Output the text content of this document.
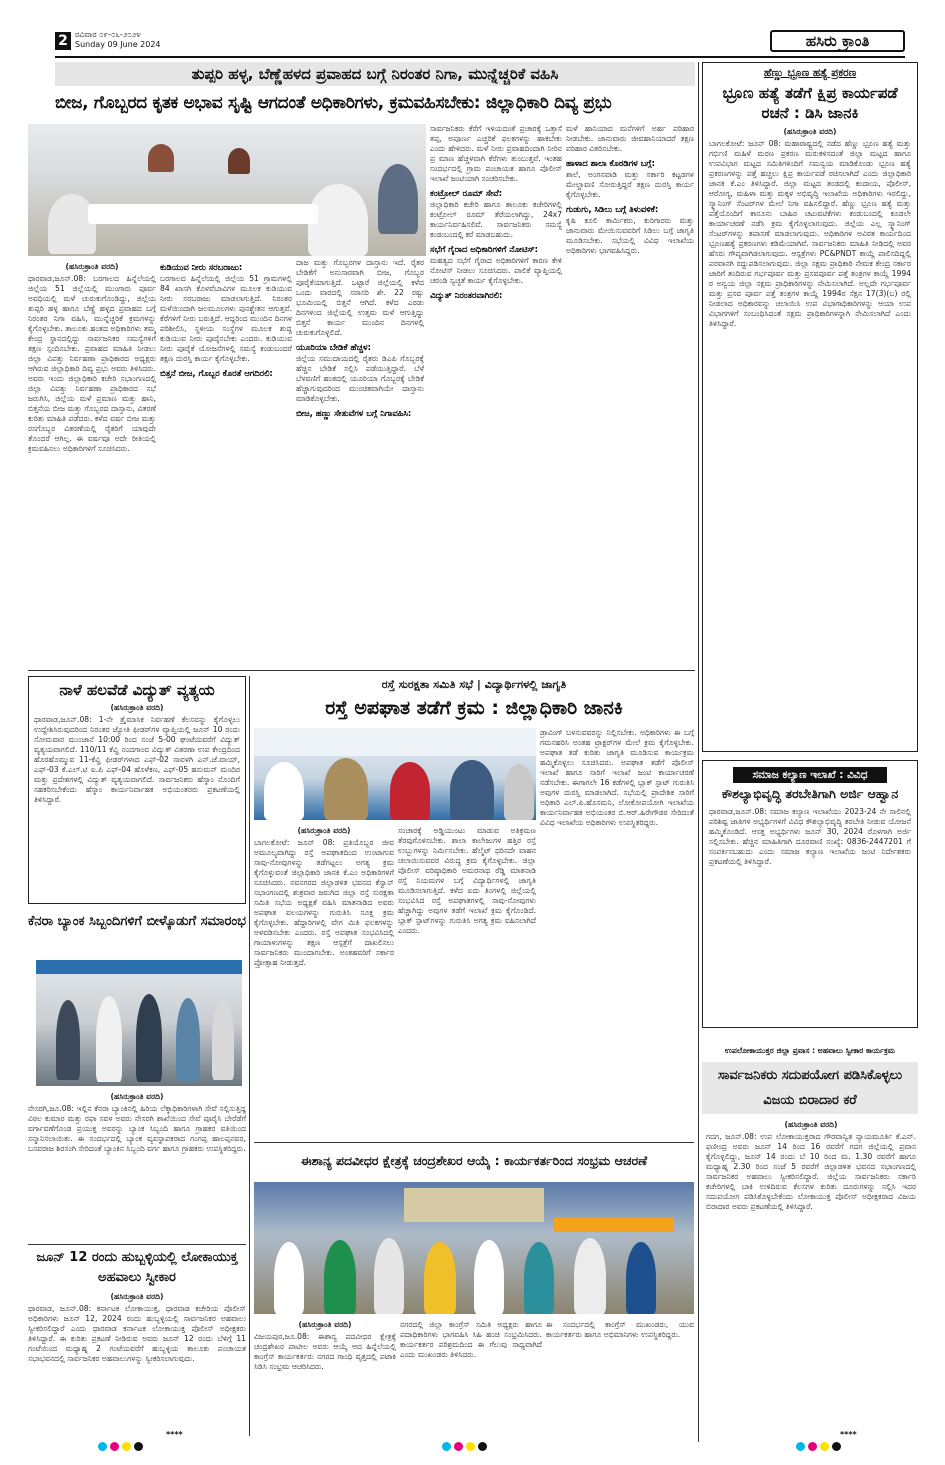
2 ರವಿವಾರ ೦೯-೦೬-೨೦೨೪
Sunday 09 June 2024	ಹಸಿರು ಕ್ರಾಂತಿ
ತುಪ್ಪರಿ ಹಳ್ಳ, ಬೆಣ್ಣೆಹಳದ ಪ್ರವಾಹದ ಬಗ್ಗೆ ನಿರಂತರ ನಿಗಾ, ಮುನ್ನೆಚ್ಚರಿಕೆ ವಹಿಸಿ
ಬೀಜ, ಗೊಬ್ಬರದ ಕೃತಕ ಅಭಾವ ಸೃಷ್ಟಿ ಆಗದಂತೆ ಅಧಿಕಾರಿಗಳು, ಕ್ರಮವಹಿಸಬೇಕು: ಜಿಲ್ಲಾಧಿಕಾರಿ ದಿವ್ಯ ಪ್ರಭು
(ಹಸಿರುಕ್ರಾಂತಿ ವರದಿ)

ಧಾರವಾಡ,ಜೂನ್.08: ಬರಗಾಲದ ಹಿನ್ನೆಲೆಯಲ್ಲಿ ಜಿಲ್ಲೆಯ 51 ಜಿಲ್ಲೆಯಲ್ಲಿ ಮುಂಗಾರು ಪೂರ್ವ ಅವಧಿಯಲ್ಲಿ ಮಳೆ ಚುರುಕುಗೊಂಡಿದ್ದು, ಜಿಲ್ಲೆಯ ತುಪ್ಪರಿ ಹಳ್ಳ ಹಾಗೂ ಬೆಣ್ಣೆ ಹಳ್ಳದ ಪ್ರವಾಹದ ಬಗ್ಗೆ ನಿರಂತರ ನಿಗಾ ವಹಿಸಿ, ಮುನ್ನೆಚ್ಚರಿಕೆ ಕ್ರಮಗಳನ್ನು ಕೈಗೊಳ್ಳಬೇಕು. ತಾಲೂಕು ಹಂತದ ಅಧಿಕಾರಿಗಳು ತಮ್ಮ ಕೇಂದ್ರ ಸ್ಥಾನದಲ್ಲಿದ್ದು ಸಾರ್ವಜನಿಕರ ಸಮಸ್ಯೆಗಳಿಗೆ ತಕ್ಷಣ ಸ್ಪಂದಿಸಬೇಕು. ಪ್ರವಾಹದ ಮಾಹಿತಿ ನೀಡಲು ಜಿಲ್ಲಾ ವಿಪತ್ತು ನಿರ್ವಹಣಾ ಪ್ರಾಧಿಕಾರದ ಅಧ್ಯಕ್ಷರು ಆಗಿರುವ ಜಿಲ್ಲಾಧಿಕಾರಿ ದಿವ್ಯ ಪ್ರಭು ಅವರು ತಿಳಿಸಿದರು. ಅವರು ಇಂದು ಜಿಲ್ಲಾಧಿಕಾರಿ ಕಚೇರಿ ಸಭಾಂಗಣದಲ್ಲಿ ಜಿಲ್ಲಾ ವಿಪತ್ತು ನಿರ್ವಹಣಾ ಪ್ರಾಧಿಕಾರದ ಸಭೆ ಜರುಗಿಸಿ, ಜಿಲ್ಲೆಯ ಮಳೆ ಪ್ರಮಾಣ ಮತ್ತು ಹಾನಿ, ಬಿತ್ತನೆಯ ಬೀಜ ಮತ್ತು ಗೊಬ್ಬರದ ದಾಸ್ತಾನು, ವಿತರಣೆ ಕುರಿತು ಮಾಹಿತಿ ಪಡೆದರು. ಕಳೆದ ವರ್ಷ ಬೀಜ ಮತ್ತು ರಸಗೊಬ್ಬರ ವಿತರಣೆಯಲ್ಲಿ ರೈತರಿಗೆ ಯಾವುದೇ ತೊಂದರೆ ಆಗಿಲ್ಲ. ಈ ವರ್ಷವೂ ಅದೇ ರೀತಿಯಲ್ಲಿ ಕ್ರಮವಹಿಸಲು ಅಧಿಕಾರಿಗಳಿಗೆ ಸೂಚಿಸಿದರು.

ಕುಡಿಯುವ ನೀರು ಸರಬರಾಜು:

ಬರಗಾಲದ ಹಿನ್ನೆಲೆಯಲ್ಲಿ ಜಿಲ್ಲೆಯ 51 ಗ್ರಾಮಗಳಲ್ಲಿ 84 ಖಾಸಗಿ ಕೊಳವೆಬಾವಿಗಳ ಮೂಲಕ ಕುಡಿಯುವ ನೀರು ಸರಬರಾಜು ಮಾಡಲಾಗುತ್ತಿದೆ. ನಿರಂತರ ಮಳೆಯಿಂದಾಗಿ ಜಲಮೂಲಗಳು ಪುನಶ್ಚೇತನ ಆಗುತ್ತವೆ. ಕೆರೆಗಳಿಗೆ ನೀರು ಬರುತ್ತಿದೆ. ಆದ್ದರಿಂದ ಮುಂದಿನ ದಿನಗಳ ಪರಿಶೀಲಿಸಿ, ಸ್ಥಳೀಯ ಸಂಸ್ಥೆಗಳ ಮೂಲಕ ಶುದ್ಧ ಕುಡಿಯುವ ನೀರು ಪೂರೈಸಬೇಕು ಎಂದರು. ಕುಡಿಯುವ ನೀರು ಪೂರೈಕೆ ಯೋಜನೆಗಳಲ್ಲಿ ಸಮಸ್ಯೆ ಕಂಡುಬಂದರೆ ತಕ್ಷಣ ದುರಸ್ತಿ ಕಾರ್ಯ ಕೈಗೊಳ್ಳಬೇಕು.

ಬಿತ್ತನೆ ಬೀಜ, ಗೊಬ್ಬರ ಕೊರತೆ ಆಗದಿರಲಿ:

ದಾಜ ಮತ್ತು ಗೊಬ್ಬರಗಳ ದಾಸ್ತಾನು ಇದೆ. ರೈತರ ಬೇಡಿಕೆಗೆ ಅನುಸಾರವಾಗಿ ಬೀಜ, ಗೊಬ್ಬರ ಪೂರೈಕೆಯಾಗುತ್ತಿದೆ. ಒಟ್ಟಾರೆ ಜಿಲ್ಲೆಯಲ್ಲಿ ಕಳೆದ ಒಂದು ವಾರದಲ್ಲಿ ಸರಾಸರಿ ಶೇ. 22 ರಷ್ಟು ಭೂಮಿಯಲ್ಲಿ ಬಿತ್ತನೆ ಆಗಿದೆ. ಕಳೆದ ಎರಡು ದಿನಗಳಿಂದ ಜಿಲ್ಲೆಯಲ್ಲಿ ಉತ್ತಮ ಮಳೆ ಆಗುತ್ತಿದ್ದು ಬಿತ್ತನೆ ಕಾರ್ಯ ಮುಂದಿನ ದಿನಗಳಲ್ಲಿ ಚುರುಕುಗೊಳ್ಳಲಿದೆ.

ಯೂರಿಯಾ ಬೇಡಿಕೆ ಹೆಚ್ಚಳ:

ಜಿಲ್ಲೆಯ ಸಮುದಾಯದಲ್ಲಿ ರೈತರು ಡಿಎಪಿ ಗೊಬ್ಬರಕ್ಕೆ ಹೆಚ್ಚಿನ ಬೇಡಿಕೆ ಸಲ್ಲಿಸಿ ಪಡೆಯುತ್ತಿದ್ದಾರೆ. ಬೆಳೆ ಬೆಳವಣಿಗೆ ಹಂತದಲ್ಲಿ ಯೂರಿಯಾ ಗೊಬ್ಬರಕ್ಕೆ ಬೇಡಿಕೆ ಹೆಚ್ಚಾಗುವುದರಿಂದ ಮುಂಚಿತವಾಗಿಯೇ ದಾಸ್ತಾನು ಮಾಡಿಕೊಳ್ಳಬೇಕು.

ಬೀಜ, ಹಣ್ಣು ಸೇತುವೆಗಳ ಬಗ್ಗೆ ನಿಗಾವಹಿಸಿ:

ಸಾರ್ವಜನಿಕರು ಕೆರೆಗೆ ಇಳಿಯದಂತೆ ಪ್ರಚಾರಕ್ಕೆ ಒತ್ತಾಸೆ ತಪ್ಪ, ಅಪೂರ್ಣ ಎಚ್ಚರಿಕೆ ಫಲಕಗಳನ್ನು ಹಾಕಬೇಕು ಎಂದು ಹೇಳಿದರು. ಮಳೆ ನೀರು ಪ್ರವಾಹದಿಂದಾಗಿ ನೀರಿನ ಪ್ರ ಮಾಣ ಹೆಚ್ಚಳವಾಗಿ ಕೆರೆಗಳು ತುಂಬುತ್ತವೆ. ಇಂತಹ ಸಂದರ್ಭದಲ್ಲಿ ಗ್ರಾಮ ಪಂಚಾಯತ ಹಾಗೂ ಪೊಲೀಸ್ ಇಲಾಖೆ ಜಂಟಿಯಾಗಿ ಸಂಚರಿಸಬೇಕು.

ಕಂಟ್ರೋಲ್ ರೂಮ್ ಸೇವೆ:

ಜಿಲ್ಲಾಧಿಕಾರಿ ಕಚೇರಿ ಹಾಗೂ ತಾಲೂಕು ಕಚೇರಿಗಳಲ್ಲಿ ಕಂಟ್ರೋಲ್ ರೂಮ್ ತೆರೆಯಲಾಗಿದ್ದು, 24x7 ಕಾರ್ಯನಿರ್ವಹಿಸಲಿವೆ. ಸಾರ್ವಜನಿಕರು ಸಮಸ್ಯೆ ಕಂಡುಬಂದಲ್ಲಿ ಕರೆ ಮಾಡಬಹುದು.

ಸಭೆಗೆ ಗೈರಾದ ಅಧಿಕಾರಿಗಳಿಗೆ ನೋಟಿಸ್:

ಮಹತ್ವದ ಸಭೆಗೆ ಗೈರಾದ ಅಧಿಕಾರಿಗಳಿಗೆ ಕಾರಣ ಕೇಳಿ ನೋಟಿಸ್ ನೀಡಲು ಸೂಚಿಸಿದರು. ಪಾಲಿಕೆ ವ್ಯಾಪ್ತಿಯಲ್ಲಿ ಚರಂಡಿ ಸ್ವಚ್ಛತೆ ಕಾರ್ಯ ಕೈಗೊಳ್ಳಬೇಕು.

ವಿದ್ಯುತ್ ನಿರಂತರವಾಗಿರಲಿ:

ಮಳೆ ಹಾನಿಯಾದ ಮನೆಗಳಿಗೆ ಅರ್ಹ ಪರಿಹಾರ ನೀಡಬೇಕು. ಜಾನುವಾರು ಜೀವಹಾನಿಯಾದರೆ ತಕ್ಷಣ ಪರಿಹಾರ ವಿತರಿಸಬೇಕು.

ಹಾಳಾದ ಶಾಲಾ ಕೊಠಡಿಗಳ ಬಗ್ಗೆ:

ಶಾಲೆ, ಅಂಗನವಾಡಿ ಮತ್ತು ಸರ್ಕಾರಿ ಕಟ್ಟಡಗಳ ಮೇಲ್ಚಾವಣಿ ಸೋರುತ್ತಿದ್ದರೆ ತಕ್ಷಣ ದುರಸ್ತಿ ಕಾರ್ಯ ಕೈಗೊಳ್ಳಬೇಕು.

ಗುಡುಗು, ಸಿಡಿಲು ಬಗ್ಗೆ ತಿಳುವಳಿಕೆ:

ಕೃಷಿ ಕೂಲಿ ಕಾರ್ಮಿಕರು, ಕುರಿಗಾರರು ಮತ್ತು ಜಾನುವಾರು ಮೇಯಿಸುವವರಿಗೆ ಸಿಡಿಲು ಬಗ್ಗೆ ಜಾಗೃತಿ ಮೂಡಿಸಬೇಕು. ಸಭೆಯಲ್ಲಿ ವಿವಿಧ ಇಲಾಖೆಯ ಅಧಿಕಾರಿಗಳು ಭಾಗವಹಿಸಿದ್ದರು.

ಹೆಣ್ಣು ಭ್ರೂಣ ಹತ್ಯೆ ಪ್ರಕರಣ
ಭ್ರೂಣ ಹತ್ಯೆ ತಡೆಗೆ ಕ್ಷಿಪ್ರ ಕಾರ್ಯಪಡೆ ರಚನೆ : ಡಿಸಿ ಜಾನಕಿ
(ಹಸಿರುಕ್ರಾಂತಿ ವರದಿ)

ಬಾಗಲಕೋಟೆ: ಜೂನ್ 08: ಮಹಾರಾಷ್ಟ್ರದಲ್ಲಿ ನಡೆದ ಹೆಣ್ಣು ಭ್ರೂಣ ಹತ್ಯೆ ಮತ್ತು ಗರ್ಭಿಣಿ ಮಹಿಳೆ ಮರಣ ಪ್ರಕರಣ ಮರುಕಳಿಸದಂತೆ ಜಿಲ್ಲಾ ಮಟ್ಟದ ಹಾಗೂ ಉಪವಿಭಾಗ ಮಟ್ಟದ ಸಮಿತಿಗಳಿಂದಿಗೆ ಸಮನ್ವಯ ಮಾಡಿಕೊಂಡು ಭ್ರೂಣ ಹತ್ಯೆ ಪ್ರಕರಣಗಳನ್ನು ಪತ್ತೆ ಹಚ್ಚಲು ಕ್ಷಿಪ್ರ ಕಾರ್ಯಪಡೆ ರಚಿಸಲಾಗಿದೆ ಎಂದು ಜಿಲ್ಲಾಧಿಕಾರಿ ಜಾನಕಿ ಕೆ.ಎಂ ತಿಳಿಸಿದ್ದಾರೆ. ಜಿಲ್ಲಾ ಮಟ್ಟದ ತಂಡದಲ್ಲಿ ಕಂದಾಯ, ಪೊಲೀಸ್, ಆರೋಗ್ಯ, ಮಹಿಳಾ ಮತ್ತು ಮಕ್ಕಳ ಅಭಿವೃದ್ಧಿ ಇಲಾಖೆಯ ಅಧಿಕಾರಿಗಳು ಇರಲಿದ್ದು, ಸ್ಕ್ಯಾನಿಂಗ್ ಸೆಂಟರ್‌ಗಳ ಮೇಲೆ ನಿಗಾ ವಹಿಸಲಿದ್ದಾರೆ. ಹೆಣ್ಣು ಭ್ರೂಣ ಹತ್ಯೆ ಮತ್ತು ಪತ್ತೆಯೊಂದಿಗೆ ಕಾನೂನು ಬಾಹಿರ ಚಟುವಟಿಕೆಗಳು ಕಂಡುಬಂದಲ್ಲಿ ಕೂಡಲೇ ಕಾರ್ಯಾಚರಣೆ ನಡೆಸಿ ಕ್ರಮ ಕೈಗೊಳ್ಳಲಾಗುವುದು. ಜಿಲ್ಲೆಯ ಎಲ್ಲ ಸ್ಕ್ಯಾನಿಂಗ್ ಸೆಂಟರ್‌ಗಳನ್ನು ತಪಾಸಣೆ ಮಾಡಲಾಗುವುದು. ಅಧಿಕಾರಿಗಳ ಅವಿರತ ಕಾರ್ಯದಿಂದ ಭ್ರೂಣಹತ್ಯೆ ಪ್ರಕರಣಗಳು ಕಡಿಮೆಯಾಗಿವೆ. ಸಾರ್ವಜನಿಕರು ಮಾಹಿತಿ ನೀಡಿದಲ್ಲಿ ಅವರ ಹೆಸರು ಗೌಪ್ಯವಾಗಿಡಲಾಗುವುದು. ಆಸ್ಪತ್ರೆಗಳು PC&PNDT ಕಾಯ್ದೆ ಪಾಲಿಸದಿದ್ದಲ್ಲಿ ಪರವಾನಗಿ ರದ್ದುಪಡಿಸಲಾಗುವುದು. ಜಿಲ್ಲಾ ಸಕ್ಷಮ ಪ್ರಾಧಿಕಾರಿ ನೇಮಕ ಕೇಂದ್ರ ಸರ್ಕಾರ ಜಾರಿಗೆ ತಂದಿರುವ ಗರ್ಭಪೂರ್ವ ಮತ್ತು ಪ್ರಸವಪೂರ್ವ ಪತ್ತೆ ತಂತ್ರಗಳ ಕಾಯ್ದೆ 1994 ರ ಅನ್ವಯ ಜಿಲ್ಲಾ ಸಕ್ಷಮ ಪ್ರಾಧಿಕಾರಿಗಳನ್ನು ನೇಮಿಸಲಾಗಿದೆ. ಅಲ್ಲದೇ ಗರ್ಭಪೂರ್ವ ಮತ್ತು ಪ್ರಸವ ಪೂರ್ವ ಪತ್ತೆ ತಂತ್ರಗಳ ಕಾಯ್ದೆ 1994ರ ಸೆಕ್ಷನ 17(3)(ಬ) ರಲ್ಲಿ ನೀಡಲಾದ ಅಧಿಕಾರವನ್ನು ಚಲಾಯಿಸಿ ಉಪ ವಿಭಾಗಾಧಿಕಾರಿಗಳನ್ನು ಆಯಾ ಉಪ ವಿಭಾಗಗಳಿಗೆ ಸಂಬಂಧಿಸಿದಂತೆ ಸಕ್ಷಮ ಪ್ರಾಧಿಕಾರಿಗಳನ್ನಾಗಿ ನೇಮಿಸಲಾಗಿದೆ ಎಂದು ತಿಳಿಸಿದ್ದಾರೆ.

ಸಮಾಜ ಕಲ್ಯಾಣ ಇಲಾಖೆ : ವಿವಿಧ
ಕೌಶಲ್ಯಾಭಿವೃದ್ಧಿ ತರಬೇತಿಗಾಗಿ ಅರ್ಜಿ ಆಹ್ವಾನ

ಧಾರವಾಡ,ಜೂನ್.08: ಸಮಾಜ ಕಲ್ಯಾಣ ಇಲಾಖೆಯು 2023-24 ನೇ ಸಾಲಿನಲ್ಲಿ ಪರಿಶಿಷ್ಟ ಜಾತಿಗಳ ಅಭ್ಯರ್ಥಿಗಳಿಗೆ ವಿವಿಧ ಕೌಶಲ್ಯಾಭಿವೃದ್ಧಿ ತರಬೇತಿ ನೀಡುವ ಯೋಜನೆ ಹಮ್ಮಿಕೊಂಡಿದೆ. ಆಸಕ್ತ ಅಭ್ಯರ್ಥಿಗಳು ಜೂನ್ 30, 2024 ರೊಳಗಾಗಿ ಅರ್ಜಿ ಸಲ್ಲಿಸಬೇಕು. ಹೆಚ್ಚಿನ ಮಾಹಿತಿಗಾಗಿ ದೂರವಾಣಿ ಸಂಖ್ಯೆ: 0836-2447201 ಗೆ ಸಂಪರ್ಕಿಸಬಹುದು ಎಂದು ಸಮಾಜ ಕಲ್ಯಾಣ ಇಲಾಖೆಯ ಜಂಟಿ ನಿರ್ದೇಶಕರು ಪ್ರಕಟಣೆಯಲ್ಲಿ ತಿಳಿಸಿದ್ದಾರೆ.

ಉಪಲೋಕಾಯುಕ್ತರ ಜಿಲ್ಲಾ ಪ್ರವಾಸ : ಅಹವಾಲು ಸ್ವೀಕಾರ ಕಾರ್ಯಕ್ರಮ
ಸಾರ್ವಜನಿಕರು ಸದುಪಯೋಗ ಪಡಿಸಿಕೊಳ್ಳಲು ವಿಜಯ ಬಿರಾದಾರ ಕರೆ
(ಹಸಿರುಕ್ರಾಂತಿ ವರದಿ)

ಗದಗ, ಜೂನ್.08: ಉಪ ಲೋಕಾಯುಕ್ತರಾದ ಗೌರವಾನ್ವಿತ ನ್ಯಾಯಮೂರ್ತಿ ಕೆ.ಎನ್. ಫಣೀಂದ್ರ ಅವರು ಜೂನ್ 14 ರಿಂದ 16 ರವರೆಗೆ ಗದಗ ಜಿಲ್ಲೆಯಲ್ಲಿ ಪ್ರವಾಸ ಕೈಗೊಳ್ಳಲಿದ್ದು, ಜೂನ್ 14 ರಂದು ಬೆ 10 ರಿಂದ ಮ. 1.30 ರವರೆಗೆ ಹಾಗೂ ಮಧ್ಯಾಹ್ನ 2.30 ರಿಂದ ಸಂಜೆ 5 ರವರೆಗೆ ಜಿಲ್ಲಾಡಳಿತ ಭವನದ ಸಭಾಂಗಣದಲ್ಲಿ ಸಾರ್ವಜನಿಕರ ಅಹವಾಲು ಸ್ವೀಕರಿಸಲಿದ್ದಾರೆ. ಜಿಲ್ಲೆಯ ಸಾರ್ವಜನಿಕರು ಸರ್ಕಾರಿ ಕಚೇರಿಗಳಲ್ಲಿ ಬಾಕಿ ಉಳಿದಿರುವ ಕೆಲಸಗಳ ಕುರಿತು ದೂರುಗಳನ್ನು ಸಲ್ಲಿಸಿ ಇದರ ಸದುಪಯೋಗ ಪಡಿಸಿಕೊಳ್ಳಬೇಕೆಂದು ಲೋಕಾಯುಕ್ತ ಪೊಲೀಸ್ ಅಧೀಕ್ಷಕರಾದ ವಿಜಯ ಬಿರಾದಾರ ಅವರು ಪ್ರಕಟಣೆಯಲ್ಲಿ ತಿಳಿಸಿದ್ದಾರೆ.

ನಾಳೆ ಹಲವೆಡೆ ವಿದ್ಯುತ್ ವ್ಯತ್ಯಯ
(ಹಸಿರುಕ್ರಾಂತಿ ವರದಿ)

ಧಾರವಾಡ,ಜೂನ್.08: 1-ನೇ ತ್ರೈಮಾಸಿಕ ನಿರ್ವಹಣೆ ಕೆಲಸವನ್ನು ಕೈಗೊಳ್ಳಲು ಉದ್ದೇಶಿಸಿರುವುದರಿಂದ ನಿರಂತರ ಜ್ಯೋತಿ ಫೀಡರ್‌ಗಳ ವ್ಯಾಪ್ತಿಯಲ್ಲಿ ಜೂನ್ 10 ರಂದು ಸೋಮವಾರ ಮುಂಜಾನೆ 10:00 ರಿಂದ ಸಂಜೆ 5-00 ಘಂಟೆಯವರೆಗೆ ವಿದ್ಯುತ್ ವ್ಯತ್ಯಯವಾಗಲಿದೆ. 110/11 ಕೆವ್ಹಿ ನಂದಗಾಂವ ವಿದ್ಯುತ್ ವಿತರಣಾ ಉಪ ಕೇಂದ್ರದಿಂದ ಹೊರಹೊಮ್ಮುವ 11-ಕೆವ್ಹಿ ಫೀಡರ್‌ಗಳಾದ ಎಫ್-02 ಸಾವಳಗಿ ಎನ್.ಜೆ.ವಾಯ್, ಎಫ್-03 ಕೆ.ಎಲ್.ಟಿ ಐ.ಪಿ ಎಫ್-04 ಹೊಳೆಕಣ, ಎಫ್-05 ಹನುಮನ್ ಮಂದಿರ ಮತ್ತು ಪ್ರದೇಶಗಳಲ್ಲಿ ವಿದ್ಯುತ್ ವ್ಯತ್ಯಯವಾಗಲಿದೆ. ಸಾರ್ವಜನಿಕರು ಹೆಸ್ಕಾಂ ನೊಂದಿಗೆ ಸಹಕರಿಸಬೇಕೆಂದು ಹೆಸ್ಕಾಂ ಕಾರ್ಯನಿರ್ವಾಹಕ ಅಭಿಯಂತರರು ಪ್ರಕಟಣೆಯಲ್ಲಿ ತಿಳಿಸಿದ್ದಾರೆ.

ಕೆನರಾ ಬ್ಯಾಂಕ ಸಿಬ್ಬಂದಿಗಳಿಗೆ ಬೀಳ್ಕೊಡುಗೆ ಸಮಾರಂಭ
(ಹಸಿರುಕ್ರಾಂತಿ ವರದಿ)

ನೇಸರಗಿ,ಜೂ.08: ಇಲ್ಲಿನ ಕೆನರಾ ಬ್ಯಾಂಕಿನಲ್ಲಿ ಹಿರಿಯ ಲೆಕ್ಕಾಧಿಕಾರಿಗಳಾಗಿ ಸೇವೆ ಸಲ್ಲಿಸುತ್ತಿದ್ದ ವಿಠಲ ಕುಮಾರ ಮತ್ತು ರಫಾ ಸವಳ ಅವರು ನೇಸರಗಿ ಶಾಖೆಯಿಂದ ಸೇವೆ ಪೂರೈಸಿ ಬೇರೆಡೆಗೆ ವರ್ಗಾವಣೆಗೊಂಡ ಪ್ರಯುಕ್ತ ಅವರನ್ನು ಬ್ಯಾಂಕ ಸಿಬ್ಬಂದಿ ಹಾಗೂ ಗ್ರಾಹಕರ ವತಿಯಿಂದ ಸನ್ಮಾನಿಸಲಾಯಿತು. ಈ ಸಂದರ್ಭದಲ್ಲಿ ಬ್ಯಾಂಕ ವ್ಯವಸ್ಥಾಪಕರಾದ ಗಂಗಪ್ಪ ಹಾಲಪ್ಪನವರ, ಬಸವರಾಜ ಶಿರಸಂಗಿ ಸೇರಿದಂತೆ ಬ್ಯಾಂಕಿನ ಸಿಬ್ಬಂದಿ ವರ್ಗ ಹಾಗೂ ಗ್ರಾಹಕರು ಉಪಸ್ಥಿತರಿದ್ದರು.

ಜೂನ್ 12 ರಂದು ಹುಬ್ಬಳ್ಳಿಯಲ್ಲಿ ಲೋಕಾಯುಕ್ತ ಅಹವಾಲು ಸ್ವೀಕಾರ
(ಹಸಿರುಕ್ರಾಂತಿ ವರದಿ)

ಧಾರವಾಡ, ಜೂನ್.08: ಕರ್ನಾಟಕ ಲೋಕಾಯುಕ್ತ, ಧಾರವಾಡ ಕಚೇರಿಯ ಪೊಲೀಸ್ ಅಧಿಕಾರಿಗಳು ಜೂನ್ 12, 2024 ರಂದು ಹುಬ್ಬಳ್ಳಿಯಲ್ಲಿ ಸಾರ್ವಜನಿಕರ ಅಹವಾಲು ಸ್ವೀಕರಿಸಲಿದ್ದಾರೆ ಎಂದು ಧಾರವಾಡ ಕರ್ನಾಟಕ ಲೋಕಾಯುಕ್ತ ಪೊಲೀಸ್ ಅಧೀಕ್ಷಕರು ತಿಳಿಸಿದ್ದಾರೆ. ಈ ಕುರಿತು ಪ್ರಕಟಣೆ ನೀಡಿರುವ ಅವರು ಜೂನ್ 12 ರಂದು ಬೆಳಿಗ್ಗೆ 11 ಗಂಟೆಯಿಂದ ಮಧ್ಯಾಹ್ನ 2 ಗಂಟೆಯವರೆಗೆ ಹುಬ್ಬಳ್ಳಿಯ ತಾಲೂಕು ಪಂಚಾಯತ ಸಭಾಭವನದಲ್ಲಿ ಸಾರ್ವಜನಿಕರ ಅಹವಾಲುಗಳನ್ನು ಸ್ವೀಕರಿಸಲಾಗುವುದು.

ರಸ್ತೆ ಸುರಕ್ಷತಾ ಸಮಿತಿ ಸಭೆ | ವಿದ್ಯಾರ್ಥಿಗಳಲ್ಲಿ ಜಾಗೃತಿ
ರಸ್ತೆ ಅಪಘಾತ ತಡೆಗೆ ಕ್ರಮ : ಜಿಲ್ಲಾಧಿಕಾರಿ ಜಾನಕಿ

ಡ್ರಾವಿಂಗ್ ಬಳಸುವವರನ್ನು ನಿಲ್ಲಿಸಬೇಕು. ಅಧಿಕಾರಿಗಳು ಈ ಬಗ್ಗೆ ಗಮನಹರಿಸಿ ಅಂತಹ ಟ್ರಾಕ್ಟರ್‌ಗಳ ಮೇಲೆ ಕ್ರಮ ಕೈಗೊಳ್ಳಬೇಕು. ಅಪಘಾತ ತಡೆ ಕುರಿತು ಜಾಗೃತಿ ಮೂಡಿಸುವ ಕಾರ್ಯಕ್ರಮ ಹಮ್ಮಿಕೊಳ್ಳಲು ಸೂಚಿಸಿದರು. ಅಪಘಾತ ತಡೆಗೆ ಪೊಲೀಸ್ ಇಲಾಖೆ ಹಾಗೂ ಸಾರಿಗೆ ಇಲಾಖೆ ಜಂಟಿ ಕಾರ್ಯಾಚರಣೆ ನಡೆಸಬೇಕು. ಈಗಾಗಲೇ 16 ಕಡೆಗಳಲ್ಲಿ ಬ್ಲಾಕ್ ಸ್ಪಾಟ್ ಗುರುತಿಸಿ ಅವುಗಳ ದುರಸ್ತಿ ಮಾಡಲಾಗಿದೆ. ಸಭೆಯಲ್ಲಿ ಪ್ರಾದೇಶಿಕ ಸಾರಿಗೆ ಅಧಿಕಾರಿ ಎಲ್.ಪಿ.ಹೊಸಮನಿ, ಲೋಕೋಪಯೋಗಿ ಇಲಾಖೆಯ ಕಾರ್ಯನಿರ್ವಾಹಕ ಅಭಿಯಂತರ ಬಿ.ಆರ್.ಹಿರೇಗೌಡರ ಸೇರಿದಂತೆ ವಿವಿಧ ಇಲಾಖೆಯ ಅಧಿಕಾರಿಗಳು ಉಪಸ್ಥಿತರಿದ್ದರು.

(ಹಸಿರುಕ್ರಾಂತಿ ವರದಿ)

ಬಾಗಲಕೋಟೆ: ಜೂನ್ 08: ಪ್ರತಿಯೊಬ್ಬರ ಜೀವ ಅಮೂಲ್ಯವಾಗಿದ್ದು ರಸ್ತೆ ಅಪಘಾತದಿಂದ ಉಂಟಾಗುವ ಸಾವು-ನೋವುಗಳನ್ನು ತಡೆಗಟ್ಟಲು ಅಗತ್ಯ ಕ್ರಮ ಕೈಗೊಳ್ಳುವಂತೆ ಜಿಲ್ಲಾಧಿಕಾರಿ ಜಾನಕಿ ಕೆ.ಎಂ ಅಧಿಕಾರಿಗಳಿಗೆ ಸೂಚಿಸಿದರು. ನವನಗರದ ಜಿಲ್ಲಾಡಳಿತ ಭವನದ ಕೆಸ್ವಾನ್ ಸಭಾಂಗಣದಲ್ಲಿ ಶುಕ್ರವಾರ ಜರುಗಿದ ಜಿಲ್ಲಾ ರಸ್ತೆ ಸುರಕ್ಷತಾ ಸಮಿತಿ ಸಭೆಯ ಅಧ್ಯಕ್ಷತೆ ವಹಿಸಿ ಮಾತನಾಡಿದ ಅವರು ಅಪಘಾತ ವಲಯಗಳನ್ನು ಗುರುತಿಸಿ ಸೂಕ್ತ ಕ್ರಮ ಕೈಗೊಳ್ಳಬೇಕು. ಹೆದ್ದಾರಿಗಳಲ್ಲಿ ವೇಗ ಮಿತಿ ಫಲಕಗಳನ್ನು ಅಳವಡಿಸಬೇಕು ಎಂದರು. ರಸ್ತೆ ಅಪಘಾತ ಸಂಭವಿಸಿದಲ್ಲಿ ಗಾಯಾಳುಗಳನ್ನು ತಕ್ಷಣ ಆಸ್ಪತ್ರೆಗೆ ದಾಖಲಿಸಲು ಸಾರ್ವಜನಿಕರು ಮುಂದಾಗಬೇಕು. ಅಂತಹವರಿಗೆ ಸರ್ಕಾರ ಪ್ರೋತ್ಸಾಹ ನೀಡುತ್ತದೆ.

ಸಂಚಾರಕ್ಕೆ ಅಡ್ಡಿಯುಂಟು ಮಾಡುವ ಅತಿಕ್ರಮಣ ತೆರವುಗೊಳಿಸಬೇಕು. ಶಾಲಾ ಕಾಲೇಜುಗಳ ಹತ್ತಿರ ರಸ್ತೆ ಉಬ್ಬುಗಳನ್ನು ನಿರ್ಮಿಸಬೇಕು. ಹೆಲ್ಮೆಟ್ ಧರಿಸದೇ ವಾಹನ ಚಲಾಯಿಸುವವರ ವಿರುದ್ಧ ಕ್ರಮ ಕೈಗೊಳ್ಳಬೇಕು. ಜಿಲ್ಲಾ ಪೊಲೀಸ್ ವರಿಷ್ಠಾಧಿಕಾರಿ ಅಮರನಾಥ ರೆಡ್ಡಿ ಮಾತನಾಡಿ ರಸ್ತೆ ನಿಯಮಗಳ ಬಗ್ಗೆ ವಿದ್ಯಾರ್ಥಿಗಳಲ್ಲಿ ಜಾಗೃತಿ ಮೂಡಿಸಲಾಗುತ್ತಿದೆ. ಕಳೆದ ಐದು ತಿಂಗಳಲ್ಲಿ ಜಿಲ್ಲೆಯಲ್ಲಿ ಸಂಭವಿಸಿದ ರಸ್ತೆ ಅಪಘಾತಗಳಲ್ಲಿ ಸಾವು-ನೋವುಗಳು ಹೆಚ್ಚಾಗಿದ್ದು ಅವುಗಳ ತಡೆಗೆ ಇಲಾಖೆ ಕ್ರಮ ಕೈಗೊಂಡಿದೆ. ಬ್ಲಾಕ್ ಸ್ಪಾಟ್‌ಗಳನ್ನು ಗುರುತಿಸಿ ಅಗತ್ಯ ಕ್ರಮ ವಹಿಸಲಾಗಿದೆ ಎಂದರು.

ಈಶಾನ್ಯ ಪದವೀಧರ ಕ್ಷೇತ್ರಕ್ಕೆ ಚಂದ್ರಶೇಖರ ಆಯ್ಕೆ : ಕಾರ್ಯಕರ್ತರಿಂದ ಸಂಭ್ರಮ ಆಚರಣೆ
(ಹಸಿರುಕ್ರಾಂತಿ ವರದಿ)

ವಿಜಯಪುರ,ಜೂ.08: ಈಶಾನ್ಯ ಪದವೀಧರ ಕ್ಷೇತ್ರಕ್ಕೆ ಚಂದ್ರಶೇಖರ ಪಾಟೀಲ ಅವರು ಆಯ್ಕೆ ಆದ ಹಿನ್ನೆಲೆಯಲ್ಲಿ ಕಾಂಗ್ರೆಸ್ ಕಾರ್ಯಕರ್ತರು ನಗರದ ಗಾಂಧಿ ವೃತ್ತದಲ್ಲಿ ಪಟಾಕಿ ಸಿಡಿಸಿ ಸಂಭ್ರಮ ಆಚರಿಸಿದರು.

ನಗರದಲ್ಲಿ ಜಿಲ್ಲಾ ಕಾಂಗ್ರೆಸ್ ಸಮಿತಿ ಅಧ್ಯಕ್ಷರು ಹಾಗೂ ಪದಾಧಿಕಾರಿಗಳು ಭಾಗವಹಿಸಿ ಸಿಹಿ ಹಂಚಿ ಸಂಭ್ರಮಿಸಿದರು. ಕಾರ್ಯಕರ್ತರ ಪರಿಶ್ರಮದಿಂದ ಈ ಗೆಲುವು ಸಾಧ್ಯವಾಗಿದೆ ಎಂದು ಮುಖಂಡರು ತಿಳಿಸಿದರು.

ಈ ಸಂದರ್ಭದಲ್ಲಿ ಕಾಂಗ್ರೆಸ್ ಮುಖಂಡರು, ಯುವ ಕಾರ್ಯಕರ್ತರು ಹಾಗೂ ಅಭಿಮಾನಿಗಳು ಉಪಸ್ಥಿತರಿದ್ದರು.

****	****
